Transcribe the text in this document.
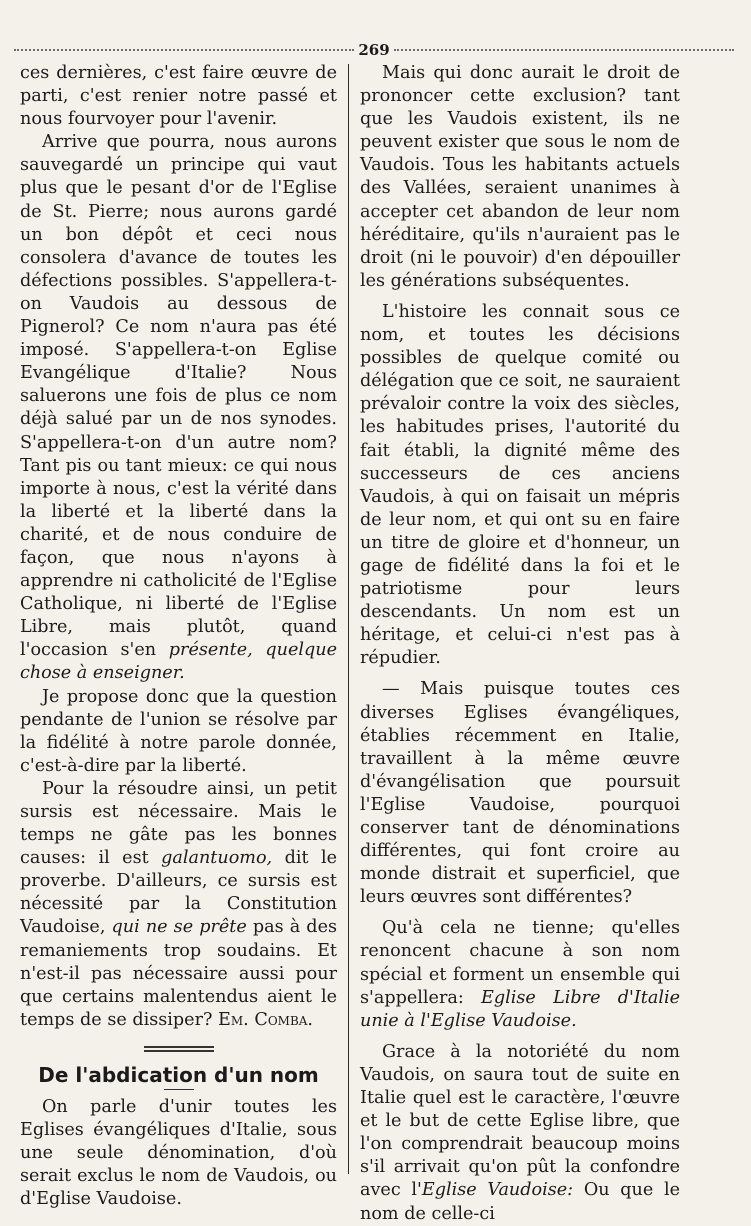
269

ces dernières, c'est faire œuvre de parti, c'est renier notre passé et nous fourvoyer pour l'avenir.

Arrive que pourra, nous aurons sauvegardé un principe qui vaut plus que le pesant d'or de l'Eglise de St. Pierre; nous aurons gardé un bon dépôt et ceci nous consolera d'avance de toutes les défections possibles. S'appellera-t-on Vaudois au dessous de Pignerol? Ce nom n'aura pas été imposé. S'appellera-t-on Eglise Evangélique d'Italie? Nous saluerons une fois de plus ce nom déjà salué par un de nos synodes. S'appellera-t-on d'un autre nom? Tant pis ou tant mieux: ce qui nous importe à nous, c'est la vérité dans la liberté et la liberté dans la charité, et de nous conduire de façon, que nous n'ayons à apprendre ni catholicité de l'Eglise Catholique, ni liberté de l'Eglise Libre, mais plutôt, quand l'occasion s'en présente, quelque chose à enseigner.

Je propose donc que la question pendante de l'union se résolve par la fidélité à notre parole donnée, c'est-à-dire par la liberté.

Pour la résoudre ainsi, un petit sursis est nécessaire. Mais le temps ne gâte pas les bonnes causes: il est galantuomo, dit le proverbe. D'ailleurs, ce sursis est nécessité par la Constitution Vaudoise, qui ne se prête pas à des remaniements trop soudains. Et n'est-il pas nécessaire aussi pour que certains malentendus aient le temps de se dissiper? Em. Comba.

De l'abdication d'un nom

On parle d'unir toutes les Eglises évangéliques d'Italie, sous une seule dénomination, d'où serait exclus le nom de Vaudois, ou d'Eglise Vaudoise.

Mais qui donc aurait le droit de prononcer cette exclusion? tant que les Vaudois existent, ils ne peuvent exister que sous le nom de Vaudois. Tous les habitants actuels des Vallées, seraient unanimes à accepter cet abandon de leur nom héréditaire, qu'ils n'auraient pas le droit (ni le pouvoir) d'en dépouiller les générations subséquentes.

L'histoire les connait sous ce nom, et toutes les décisions possibles de quelque comité ou délégation que ce soit, ne sauraient prévaloir contre la voix des siècles, les habitudes prises, l'autorité du fait établi, la dignité même des successeurs de ces anciens Vaudois, à qui on faisait un mépris de leur nom, et qui ont su en faire un titre de gloire et d'honneur, un gage de fidélité dans la foi et le patriotisme pour leurs descendants. Un nom est un héritage, et celui-ci n'est pas à répudier.

— Mais puisque toutes ces diverses Eglises évangéliques, établies récemment en Italie, travaillent à la même œuvre d'évangélisation que poursuit l'Eglise Vaudoise, pourquoi conserver tant de dénominations différentes, qui font croire au monde distrait et superficiel, que leurs œuvres sont différentes?

Qu'à cela ne tienne; qu'elles renoncent chacune à son nom spécial et forment un ensemble qui s'appellera: Eglise Libre d'Italie unie à l'Eglise Vaudoise.

Grace à la notoriété du nom Vaudois, on saura tout de suite en Italie quel est le caractère, l'œuvre et le but de cette Eglise libre, que l'on comprendrait beaucoup moins s'il arrivait qu'on pût la confondre avec l'Eglise Vaudoise: Ou que le nom de celle-ci
